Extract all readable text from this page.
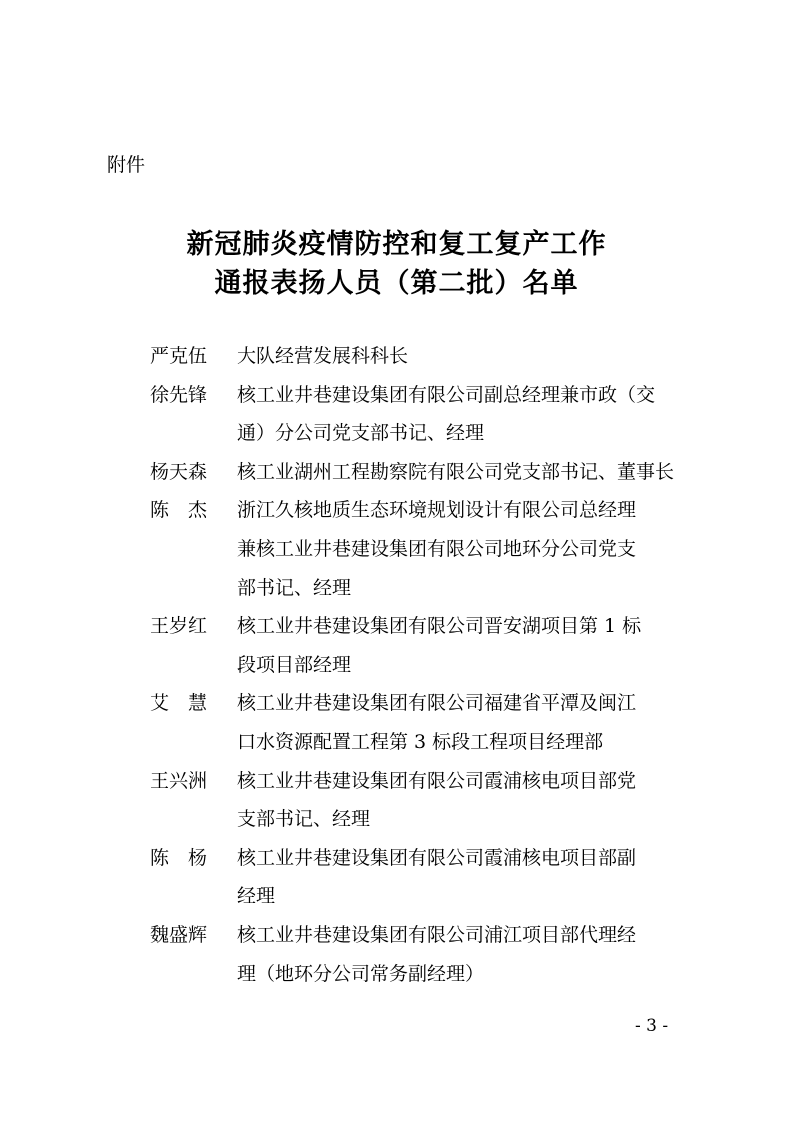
附件
新冠肺炎疫情防控和复工复产工作
通报表扬人员（第二批）名单
严克伍	大队经营发展科科长
徐先锋	核工业井巷建设集团有限公司副总经理兼市政（交
通）分公司党支部书记、经理
杨天森	核工业湖州工程勘察院有限公司党支部书记、董事长
陈　杰	浙江久核地质生态环境规划设计有限公司总经理
兼核工业井巷建设集团有限公司地环分公司党支
部书记、经理
王岁红	核工业井巷建设集团有限公司晋安湖项目第 1 标
段项目部经理
艾　慧	核工业井巷建设集团有限公司福建省平潭及闽江
口水资源配置工程第 3 标段工程项目经理部
王兴洲	核工业井巷建设集团有限公司霞浦核电项目部党
支部书记、经理
陈　杨	核工业井巷建设集团有限公司霞浦核电项目部副
经理
魏盛辉	核工业井巷建设集团有限公司浦江项目部代理经
理（地环分公司常务副经理）
- 3 -
